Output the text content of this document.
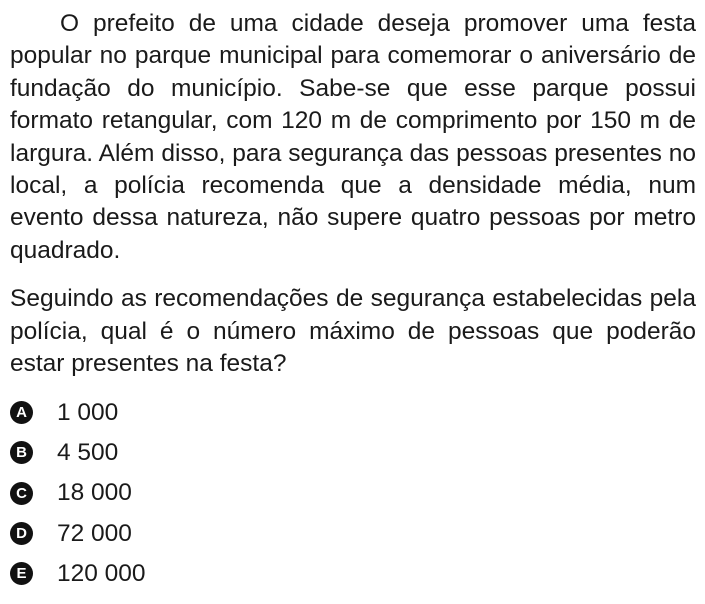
O prefeito de uma cidade deseja promover uma festa popular no parque municipal para comemorar o aniversário de fundação do município. Sabe-se que esse parque possui formato retangular, com 120 m de comprimento por 150 m de largura. Além disso, para segurança das pessoas presentes no local, a polícia recomenda que a densidade média, num evento dessa natureza, não supere quatro pessoas por metro quadrado.

Seguindo as recomendações de segurança estabelecidas pela polícia, qual é o número máximo de pessoas que poderão estar presentes na festa?

A 1 000
B 4 500
C 18 000
D 72 000
E 120 000
